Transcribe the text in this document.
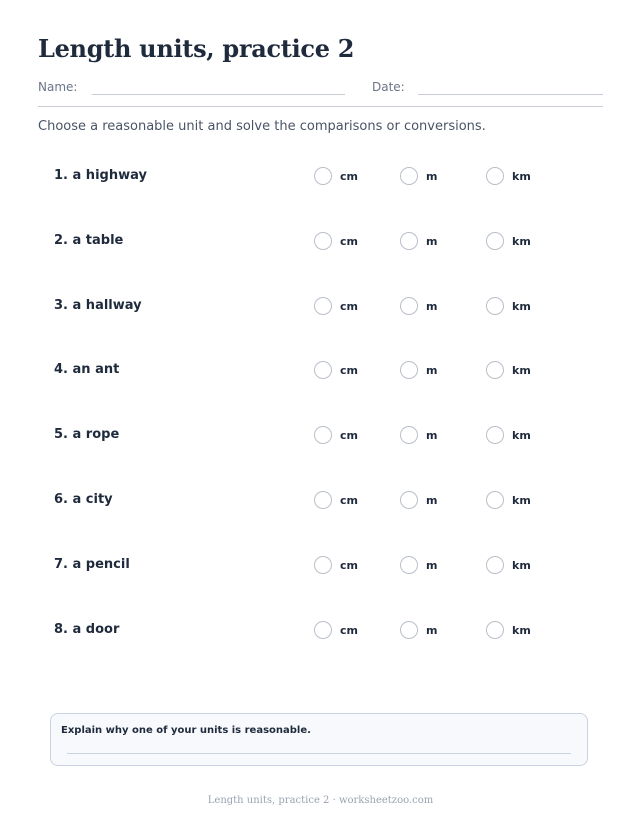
Length units, practice 2
Name:	Date:
Choose a reasonable unit and solve the comparisons or conversions.
1. a highway	cm	m	km
2. a table	cm	m	km
3. a hallway	cm	m	km
4. an ant	cm	m	km
5. a rope	cm	m	km
6. a city	cm	m	km
7. a pencil	cm	m	km
8. a door	cm	m	km
Explain why one of your units is reasonable.
Length units, practice 2 · worksheetzoo.com
